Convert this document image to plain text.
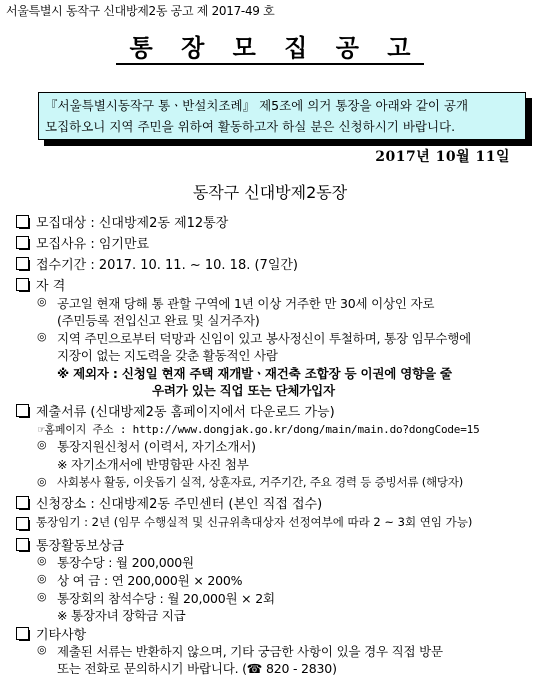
서울특별시 동작구 신대방제2동 공고 제 2017-49 호
통 장 모 집 공 고
『서울특별시동작구 통ㆍ반설치조례』 제5조에 의거 통장을 아래와 같이 공개
모집하오니 지역 주민을 위하여 활동하고자 하실 분은 신청하시기 바랍니다.
2017년 10월 11일
동작구 신대방제2동장
모집대상 : 신대방제2동 제12통장
모집사유 : 임기만료
접수기간 : 2017. 10. 11. ~ 10. 18. (7일간)
자 격
◎ 공고일 현재 당해 통 관할 구역에 1년 이상 거주한 만 30세 이상인 자로
(주민등록 전입신고 완료 및 실거주자)
◎ 지역 주민으로부터 덕망과 신임이 있고 봉사정신이 투철하며, 통장 임무수행에
지장이 없는 지도력을 갖춘 활동적인 사람
※ 제외자 : 신청일 현재 주택 재개발ㆍ재건축 조합장 등 이권에 영향을 줄
우려가 있는 직업 또는 단체가입자
제출서류 (신대방제2동 홈페이지에서 다운로드 가능)
☞홈페이지 주소 : http://www.dongjak.go.kr/dong/main/main.do?dongCode=15
◎ 통장지원신청서 (이력서, 자기소개서)
※ 자기소개서에 반명함판 사진 첨부
◎ 사회봉사 활동, 이웃돕기 실적, 상훈자료, 거주기간, 주요 경력 등 증빙서류 (해당자)
신청장소 : 신대방제2동 주민센터 (본인 직접 접수)
통장임기 : 2년 (임무 수행실적 및 신규위촉대상자 선정여부에 따라 2 ~ 3회 연임 가능)
통장활동보상금
◎ 통장수당 : 월 200,000원
◎ 상 여 금 : 연 200,000원 × 200%
◎ 통장회의 참석수당 : 월 20,000원 × 2회
※ 통장자녀 장학금 지급
기타사항
◎ 제출된 서류는 반환하지 않으며, 기타 궁금한 사항이 있을 경우 직접 방문
또는 전화로 문의하시기 바랍니다. (☎ 820 - 2830)
